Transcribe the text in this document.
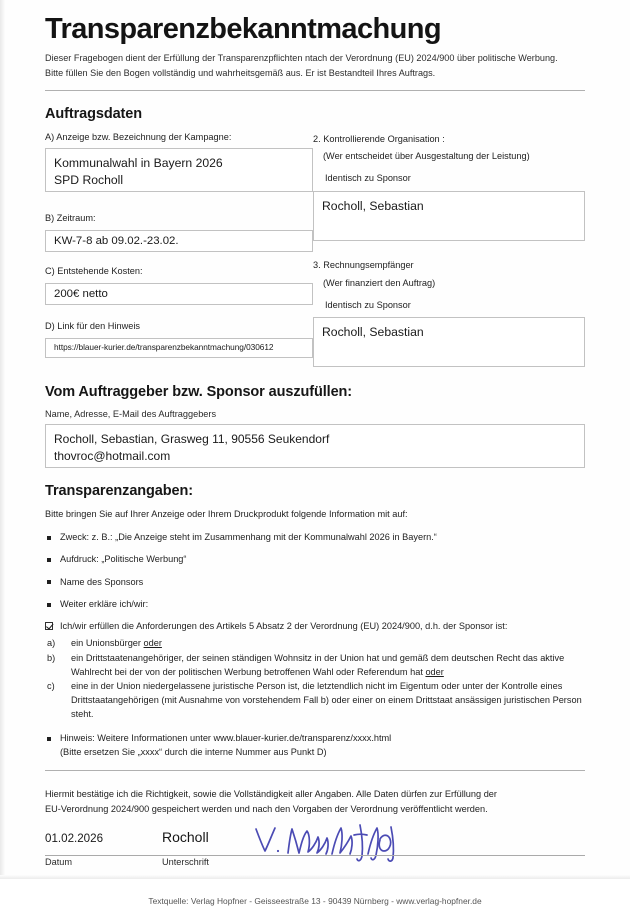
Transparenzbekanntmachung

Dieser Fragebogen dient der Erfüllung der Transparenzpflichten ntach der Verordnung (EU) 2024/900 über politische Werbung.
Bitte füllen Sie den Bogen vollständig und wahrheitsgemäß aus. Er ist Bestandteil Ihres Auftrags.

Auftragsdaten
A) Anzeige bzw. Bezeichnung der Kampagne:
Kommunalwahl in Bayern 2026
SPD Rocholl
B) Zeitraum:
KW-7-8 ab 09.02.-23.02.
C) Entstehende Kosten:
200€ netto
D) Link für den Hinweis
https://blauer-kurier.de/transparenzbekanntmachung/030612
2. Kontrollierende Organisation :
(Wer entscheidet über Ausgestaltung der Leistung)
Identisch zu Sponsor
Rocholl, Sebastian
3. Rechnungsempfänger
(Wer finanziert den Auftrag)
Identisch zu Sponsor
Rocholl, Sebastian
Vom Auftraggeber bzw. Sponsor auszufüllen:
Name, Adresse, E-Mail des Auftraggebers
Rocholl, Sebastian, Grasweg 11, 90556 Seukendorf
thovroc@hotmail.com
Transparenzangaben:

Bitte bringen Sie auf Ihrer Anzeige oder Ihrem Druckprodukt folgende Information mit auf:

Zweck: z. B.: „Die Anzeige steht im Zusammenhang mit der Kommunalwahl 2026 in Bayern.“
Aufdruck: „Politische Werbung“
Name des Sponsors
Weiter erkläre ich/wir:
Ich/wir erfüllen die Anforderungen des Artikels 5 Absatz 2 der Verordnung (EU) 2024/900, d.h. der Sponsor ist:
a) ein Unionsbürger oder
b) ein Drittstaatenangehöriger, der seinen ständigen Wohnsitz in der Union hat und gemäß dem deutschen Recht das aktive Wahlrecht bei der von der politischen Werbung betroffenen Wahl oder Referendum hat oder
c) eine in der Union niedergelassene juristische Person ist, die letztendlich nicht im Eigentum oder unter der Kontrolle eines Drittstaatangehörigen (mit Ausnahme von vorstehendem Fall b) oder einer on einem Drittstaat ansässigen juristischen Person steht.
Hinweis: Weitere Informationen unter www.blauer-kurier.de/transparenz/xxxx.html
(Bitte ersetzen Sie „xxxx“ durch die interne Nummer aus Punkt D)

Hiermit bestätige ich die Richtigkeit, sowie die Vollständigkeit aller Angaben. Alle Daten dürfen zur Erfüllung der
EU-Verordnung 2024/900 gespeichert werden und nach den Vorgaben der Verordnung veröffentlicht werden.

01.02.2026	Rocholl
Datum	Unterschrift
Textquelle: Verlag Hopfner - Geisseestraße 13 - 90439 Nürnberg - www.verlag-hopfner.de
